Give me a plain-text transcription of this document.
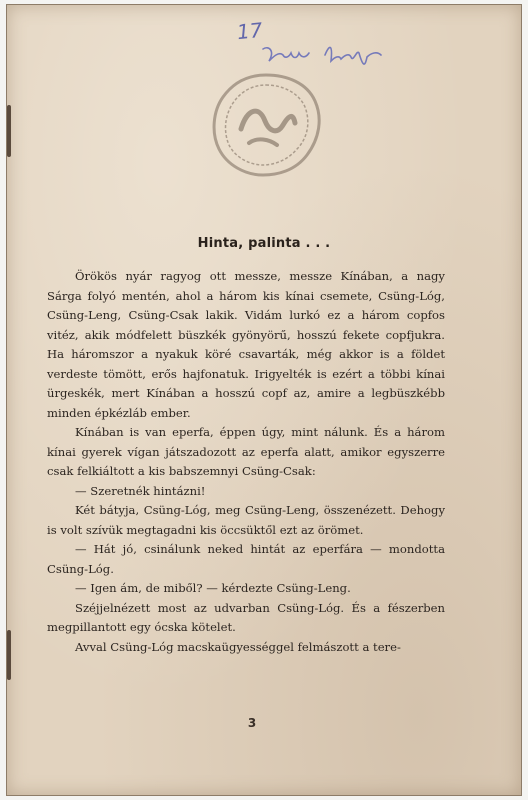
17
Hinta, palinta . . .

Örökös nyár ragyog ott messze, messze Kínában, a nagy Sárga folyó mentén, ahol a három kis kínai csemete, Csüng-Lóg, Csüng-Leng, Csüng-Csak lakik. Vidám lurkó ez a három copfos vitéz, akik módfelett büszkék gyönyörű, hosszú fekete copfjukra. Ha háromszor a nyakuk köré csavarták, még akkor is a földet verdeste tömött, erős hajfonatuk. Irigyelték is ezért a többi kínai ürgeskék, mert Kínában a hosszú copf az, amire a legbüszkébb minden épkézláb ember.

Kínában is van eperfa, éppen úgy, mint nálunk. És a három kínai gyerek vígan játszadozott az eperfa alatt, amikor egyszerre csak felkiáltott a kis babszemnyi Csüng-Csak:

— Szeretnék hintázni!

Két bátyja, Csüng-Lóg, meg Csüng-Leng, összenézett. Dehogy is volt szívük megtagadni kis öccsüktől ezt az örömet.

— Hát jó, csinálunk neked hintát az eperfára — mondotta Csüng-Lóg.

— Igen ám, de miből? — kérdezte Csüng-Leng.

Széjjelnézett most az udvarban Csüng-Lóg. És a fészerben megpillantott egy ócska kötelet.

Avval Csüng-Lóg macskaügyességgel felmászott a tere-

3
